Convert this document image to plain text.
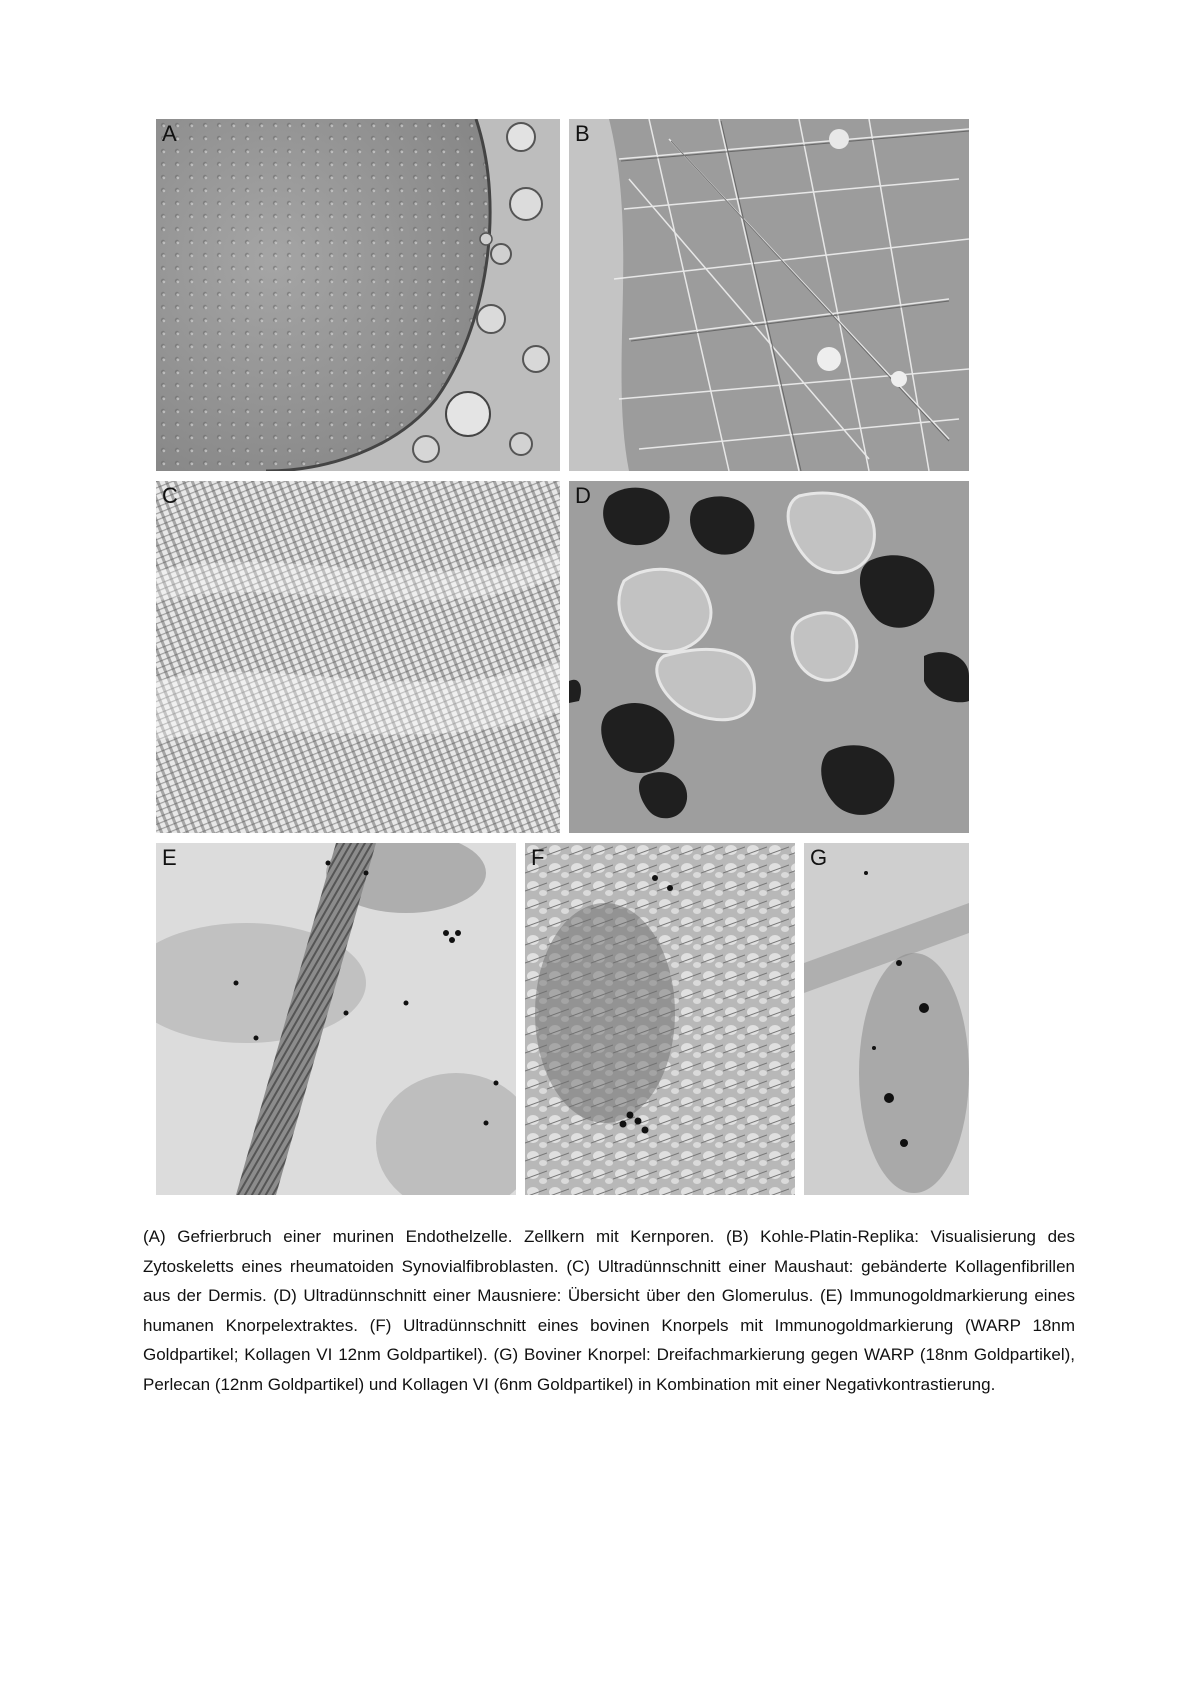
A	B
C	D
E	F	G

(A) Gefrierbruch einer murinen Endothelzelle. Zellkern mit Kernporen. (B) Kohle-Platin-Replika: Visualisierung des Zytoskeletts eines rheumatoiden Synovialfibroblasten. (C) Ultradünnschnitt einer Maushaut: gebänderte Kollagenfibrillen aus der Dermis. (D) Ultradünnschnitt einer Mausniere: Übersicht über den Glomerulus. (E) Immunogoldmarkierung eines humanen Knorpelextraktes. (F) Ultradünnschnitt eines bovinen Knorpels mit Immunogoldmarkierung (WARP 18nm Goldpartikel; Kollagen VI 12nm Goldpartikel). (G) Boviner Knorpel: Dreifachmarkierung gegen WARP (18nm Goldpartikel), Perlecan (12nm Goldpartikel) und Kollagen VI (6nm Goldpartikel) in Kombination mit einer Negativkontrastierung.
